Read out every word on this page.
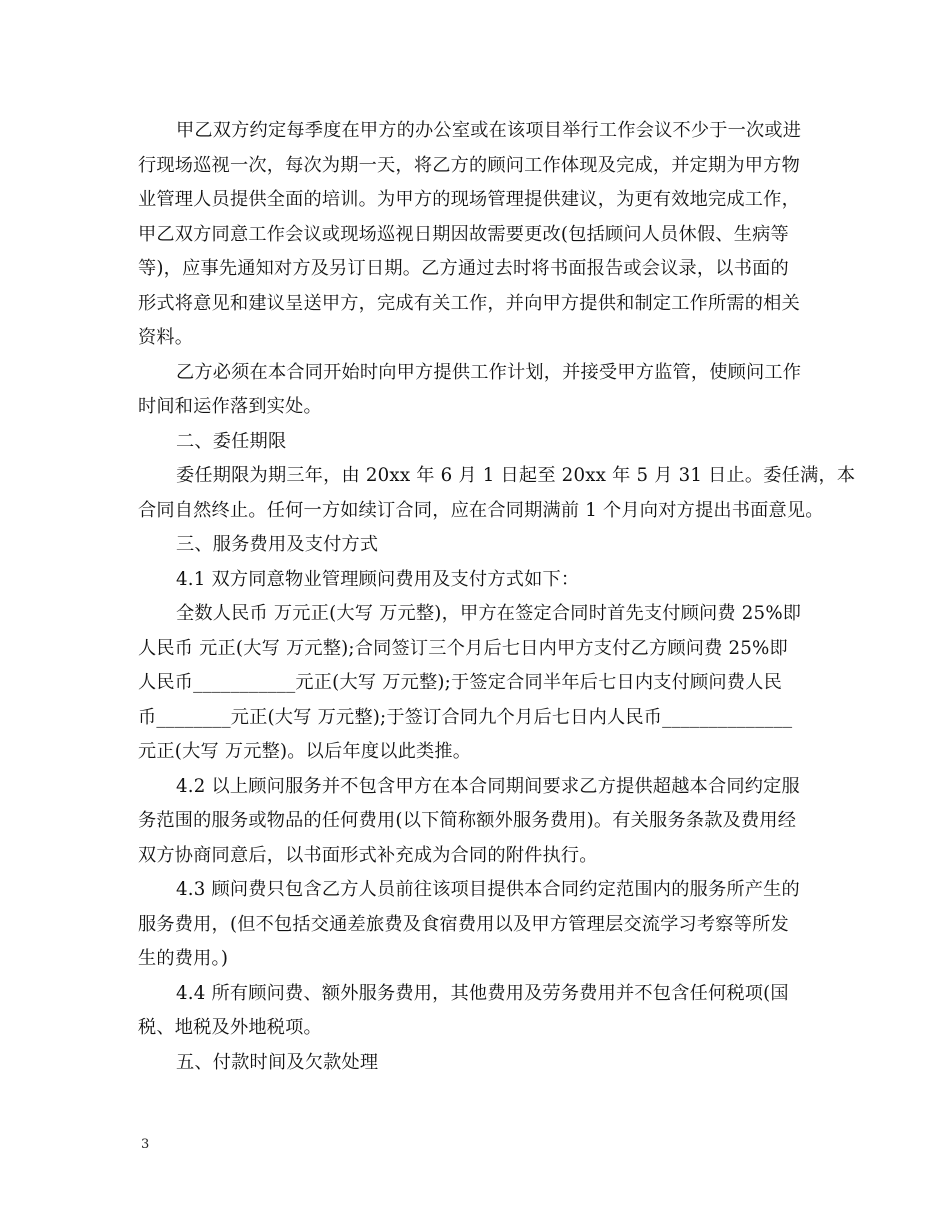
甲乙双方约定每季度在甲方的办公室或在该项目举行工作会议不少于一次或进

行现场巡视一次，每次为期一天，将乙方的顾问工作体现及完成，并定期为甲方物

业管理人员提供全面的培训。为甲方的现场管理提供建议，为更有效地完成工作，

甲乙双方同意工作会议或现场巡视日期因故需要更改(包括顾问人员休假、生病等

等)，应事先通知对方及另订日期。乙方通过去时将书面报告或会议录，以书面的

形式将意见和建议呈送甲方，完成有关工作，并向甲方提供和制定工作所需的相关

资料。

乙方必须在本合同开始时向甲方提供工作计划，并接受甲方监管，使顾问工作

时间和运作落到实处。

二、委任期限

委任期限为期三年，由 20xx 年 6 月 1 日起至 20xx 年 5 月 31 日止。委任满，本

合同自然终止。任何一方如续订合同，应在合同期满前 1 个月向对方提出书面意见。

三、服务费用及支付方式

4.1 双方同意物业管理顾问费用及支付方式如下：

全数人民币 万元正(大写 万元整)，甲方在签定合同时首先支付顾问费 25%即

人民币 元正(大写 万元整);合同签订三个月后七日内甲方支付乙方顾问费 25%即

人民币___________元正(大写 万元整);于签定合同半年后七日内支付顾问费人民

币________元正(大写 万元整);于签订合同九个月后七日内人民币______________

元正(大写 万元整)。以后年度以此类推。

4.2 以上顾问服务并不包含甲方在本合同期间要求乙方提供超越本合同约定服

务范围的服务或物品的任何费用(以下简称额外服务费用)。有关服务条款及费用经

双方协商同意后，以书面形式补充成为合同的附件执行。

4.3 顾问费只包含乙方人员前往该项目提供本合同约定范围内的服务所产生的

服务费用，(但不包括交通差旅费及食宿费用以及甲方管理层交流学习考察等所发

生的费用。)

4.4 所有顾问费、额外服务费用，其他费用及劳务费用并不包含任何税项(国

税、地税及外地税项。

五、付款时间及欠款处理

3
